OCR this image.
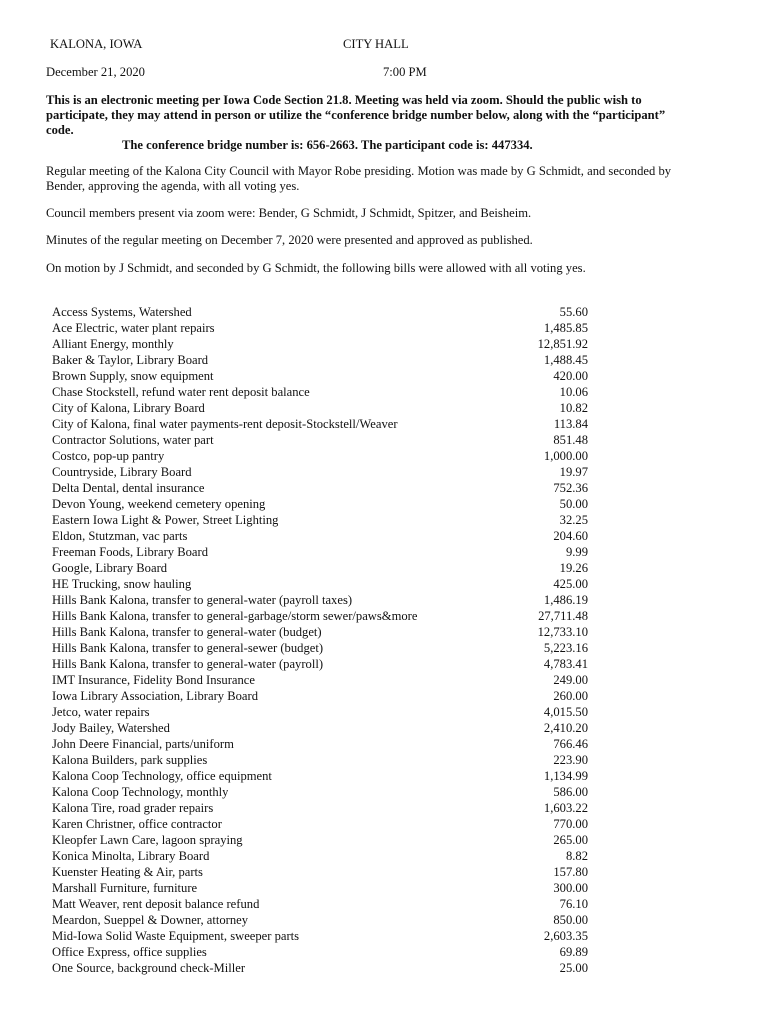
KALONA, IOWA	CITY HALL
December 21, 2020	7:00 PM

This is an electronic meeting per Iowa Code Section 21.8. Meeting was held via zoom. Should the public wish to participate, they may attend in person or utilize the “conference bridge number below, along with the “participant” code.

The conference bridge number is: 656-2663. The participant code is: 447334.

Regular meeting of the Kalona City Council with Mayor Robe presiding. Motion was made by G Schmidt, and seconded by Bender, approving the agenda, with all voting yes.

Council members present via zoom were: Bender, G Schmidt, J Schmidt, Spitzer, and Beisheim.

Minutes of the regular meeting on December 7, 2020 were presented and approved as published.

On motion by J Schmidt, and seconded by G Schmidt, the following bills were allowed with all voting yes.

Access Systems, Watershed	55.60
Ace Electric, water plant repairs	1,485.85
Alliant Energy, monthly	12,851.92
Baker & Taylor, Library Board	1,488.45
Brown Supply, snow equipment	420.00
Chase Stockstell, refund water rent deposit balance	10.06
City of Kalona, Library Board	10.82
City of Kalona, final water payments-rent deposit-Stockstell/Weaver	113.84
Contractor Solutions, water part	851.48
Costco, pop-up pantry	1,000.00
Countryside, Library Board	19.97
Delta Dental, dental insurance	752.36
Devon Young, weekend cemetery opening	50.00
Eastern Iowa Light & Power, Street Lighting	32.25
Eldon, Stutzman, vac parts	204.60
Freeman Foods, Library Board	9.99
Google, Library Board	19.26
HE Trucking, snow hauling	425.00
Hills Bank Kalona, transfer to general-water (payroll taxes)	1,486.19
Hills Bank Kalona, transfer to general-garbage/storm sewer/paws&more	27,711.48
Hills Bank Kalona, transfer to general-water (budget)	12,733.10
Hills Bank Kalona, transfer to general-sewer (budget)	5,223.16
Hills Bank Kalona, transfer to general-water (payroll)	4,783.41
IMT Insurance, Fidelity Bond Insurance	249.00
Iowa Library Association, Library Board	260.00
Jetco, water repairs	4,015.50
Jody Bailey, Watershed	2,410.20
John Deere Financial, parts/uniform	766.46
Kalona Builders, park supplies	223.90
Kalona Coop Technology, office equipment	1,134.99
Kalona Coop Technology, monthly	586.00
Kalona Tire, road grader repairs	1,603.22
Karen Christner, office contractor	770.00
Kleopfer Lawn Care, lagoon spraying	265.00
Konica Minolta, Library Board	8.82
Kuenster Heating & Air, parts	157.80
Marshall Furniture, furniture	300.00
Matt Weaver, rent deposit balance refund	76.10
Meardon, Sueppel & Downer, attorney	850.00
Mid-Iowa Solid Waste Equipment, sweeper parts	2,603.35
Office Express, office supplies	69.89
One Source, background check-Miller	25.00
